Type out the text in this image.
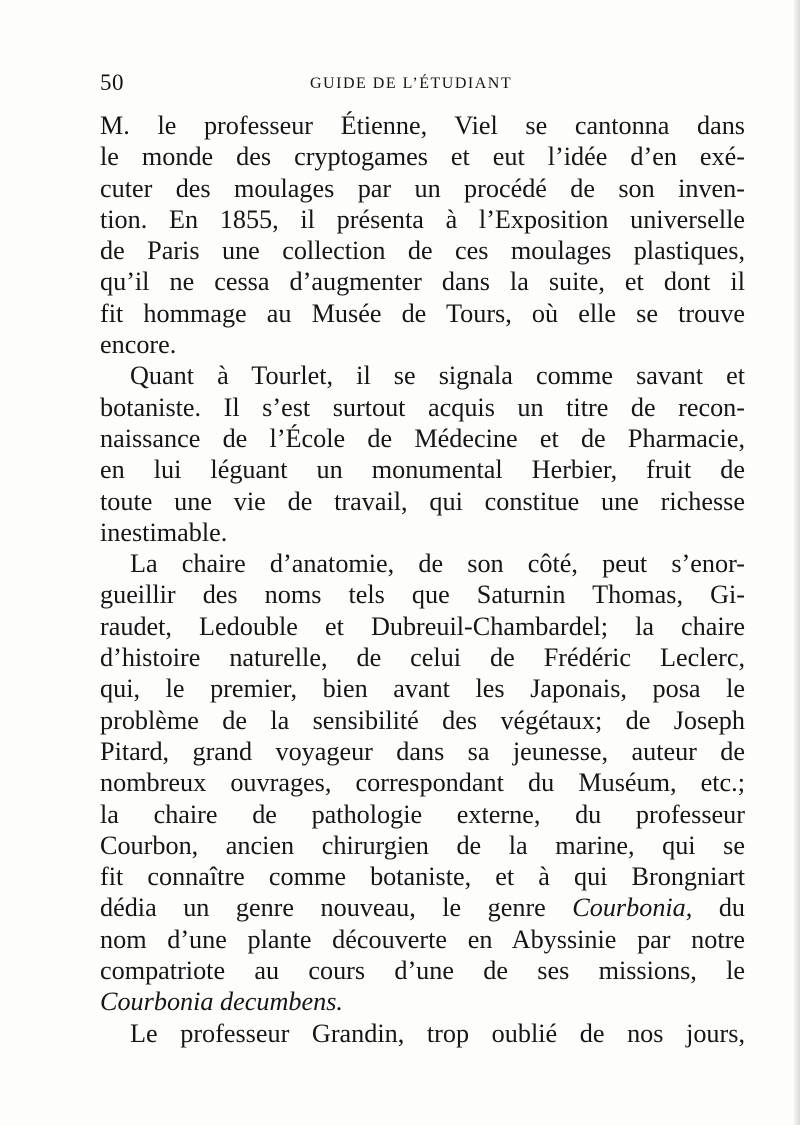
50	GUIDE DE L’ÉTUDIANT
M. le professeur Étienne, Viel se cantonna dans
le monde des cryptogames et eut l’idée d’en exé-
cuter des moulages par un procédé de son inven-
tion. En 1855, il présenta à l’Exposition universelle
de Paris une collection de ces moulages plastiques,
qu’il ne cessa d’augmenter dans la suite, et dont il
fit hommage au Musée de Tours, où elle se trouve
encore.
Quant à Tourlet, il se signala comme savant et
botaniste. Il s’est surtout acquis un titre de recon-
naissance de l’École de Médecine et de Pharmacie,
en lui léguant un monumental Herbier, fruit de
toute une vie de travail, qui constitue une richesse
inestimable.
La chaire d’anatomie, de son côté, peut s’enor-
gueillir des noms tels que Saturnin Thomas, Gi-
raudet, Ledouble et Dubreuil-Chambardel; la chaire
d’histoire naturelle, de celui de Frédéric Leclerc,
qui, le premier, bien avant les Japonais, posa le
problème de la sensibilité des végétaux; de Joseph
Pitard, grand voyageur dans sa jeunesse, auteur de
nombreux ouvrages, correspondant du Muséum, etc.;
la chaire de pathologie externe, du professeur
Courbon, ancien chirurgien de la marine, qui se
fit connaître comme botaniste, et à qui Brongniart
dédia un genre nouveau, le genre Courbonia, du
nom d’une plante découverte en Abyssinie par notre
compatriote au cours d’une de ses missions, le
Courbonia decumbens.
Le professeur Grandin, trop oublié de nos jours,
